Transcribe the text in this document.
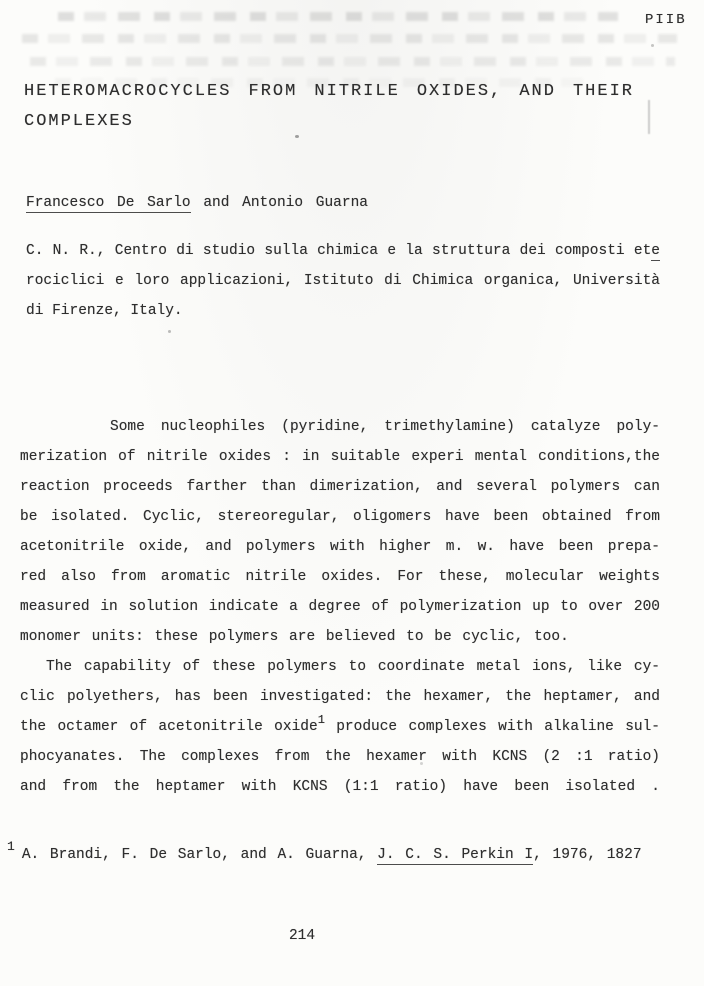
PIIB
HETEROMACROCYCLES FROM NITRILE OXIDES, AND THEIR
COMPLEXES
Francesco De Sarlo and Antonio Guarna
C. N. R., Centro di studio sulla chimica e la struttura dei composti ete
rociclici e loro applicazioni, Istituto di Chimica organica, Università
di Firenze, Italy.
Some nucleophiles (pyridine, trimethylamine) catalyze poly-
merization of nitrile oxides : in suitable experi mental conditions,the
reaction proceeds farther than dimerization, and several polymers can
be isolated. Cyclic, stereoregular, oligomers have been obtained from
acetonitrile oxide, and polymers with higher m. w. have been prepa-
red also from aromatic nitrile oxides. For these, molecular weights
measured in solution indicate a degree of polymerization up to over 200
monomer units: these polymers are believed to be cyclic, too.
The capability of these polymers to coordinate metal ions, like cy-
clic polyethers, has been investigated: the hexamer, the heptamer, and
the octamer of acetonitrile oxide$^1$ produce complexes with alkaline sul-
phocyanates. The complexes from the hexamer with KCNS (2 :1 ratio)
and from the heptamer with KCNS (1:1 ratio) have been isolated .
1A. Brandi, F. De Sarlo, and A. Guarna, J. C. S. Perkin I, 1976, 1827
214
